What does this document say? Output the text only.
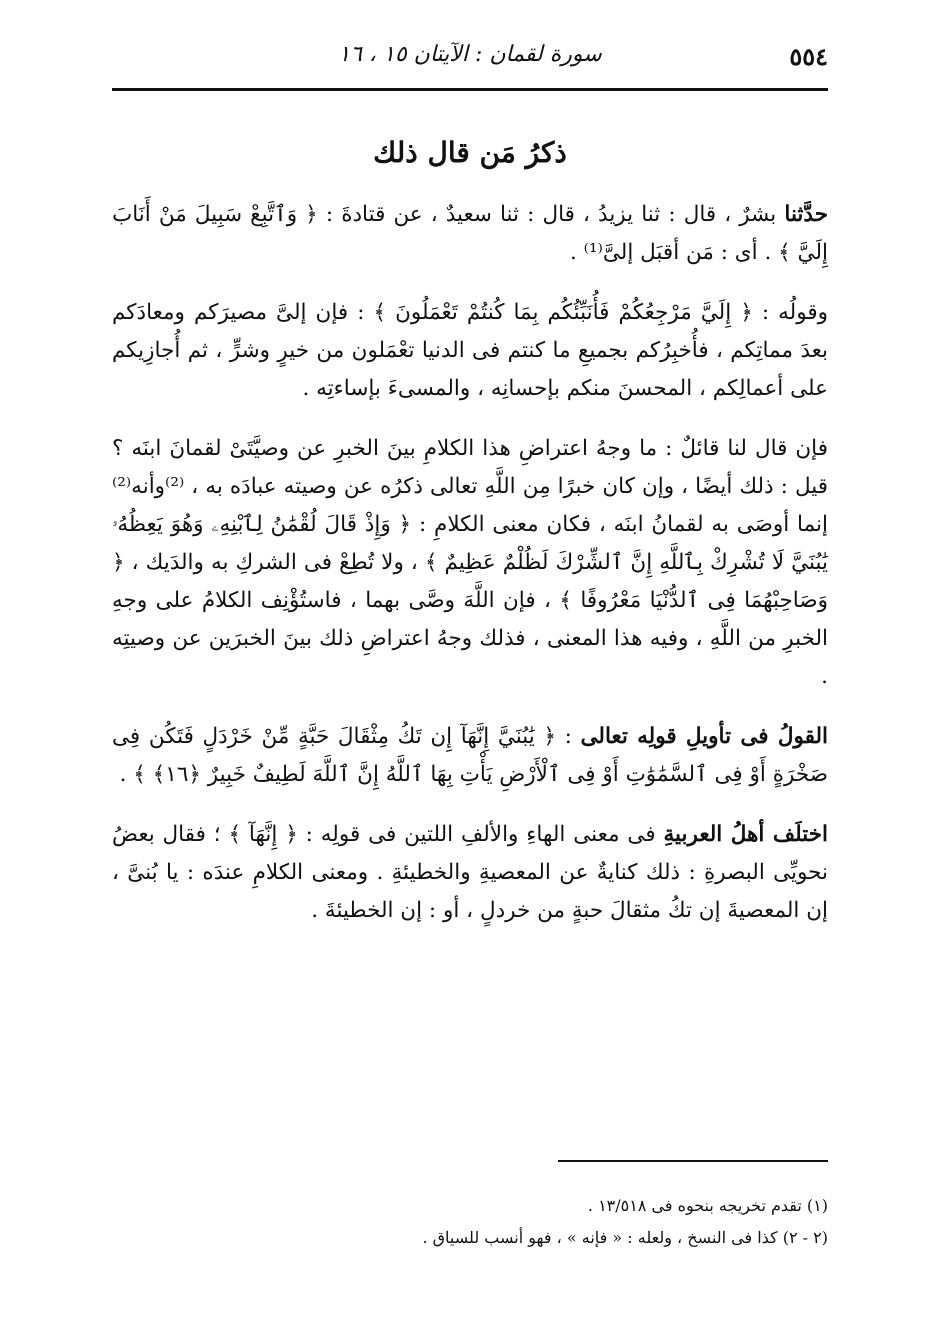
٥٥٤
سورة لقمان : الآيتان ١٥ ، ١٦
ذكرُ مَن قال ذلك

حدَّثنا بشرٌ ، قال : ثنا يزيدُ ، قال : ثنا سعيدٌ ، عن قتادةَ : ﴿ وَٱتَّبِعْ سَبِيلَ مَنْ أَنَابَ إِلَيَّ ﴾ . أى : مَن أقبَل إلىَّ⁽¹⁾ .

وقولُه : ﴿ إِلَيَّ مَرْجِعُكُمْ فَأُنَبِّئُكُم بِمَا كُنتُمْ تَعْمَلُونَ ﴾ : فإن إلىَّ مصيرَكم ومعادَكم بعدَ مماتِكم ، فأُخبِرُكم بجميعِ ما كنتم فى الدنيا تعْمَلون من خيرٍ وشرٍّ ، ثم أُجازِيكم على أعمالِكم ، المحسنَ منكم بإحسانِه ، والمسىءَ بإساءتِه .

فإن قال لنا قائلٌ : ما وجهُ اعتراضِ هذا الكلامِ بينَ الخبرِ عن وصيَّتَىْ لقمانَ ابنَه ؟ قيل : ذلك أيضًا ، وإن كان خبرًا مِن اللَّهِ تعالى ذكرُه عن وصيته عبادَه به ، ⁽²⁾وأنه⁽²⁾ إنما أوصَى به لقمانُ ابنَه ، فكان معنى الكلامِ : ﴿ وَإِذْ قَالَ لُقْمَٰنُ لِٱبْنِهِۦ وَهُوَ يَعِظُهُۥ يَٰبُنَيَّ لَا تُشْرِكْ بِٱللَّهِ إِنَّ ٱلشِّرْكَ لَظُلْمٌ عَظِيمٌ ﴾ ، ولا تُطِعْ فى الشركِ به والدَيك ، ﴿ وَصَاحِبْهُمَا فِى ٱلدُّنْيَا مَعْرُوفًا ﴾ ، فإن اللَّهَ وصَّى بهما ، فاستُؤْنِف الكلامُ على وجهِ الخبرِ من اللَّهِ ، وفيه هذا المعنى ، فذلك وجهُ اعتراضِ ذلك بينَ الخبرَين عن وصيتِه .

القولُ فى تأويلِ قولِه تعالى : ﴿ يَٰبُنَيَّ إِنَّهَآ إِن تَكُ مِثْقَالَ حَبَّةٍ مِّنْ خَرْدَلٍ فَتَكُن فِى صَخْرَةٍ أَوْ فِى ٱلسَّمَٰوَٰتِ أَوْ فِى ٱلْأَرْضِ يَأْتِ بِهَا ٱللَّهُ إِنَّ ٱللَّهَ لَطِيفٌ خَبِيرٌ ﴿١٦﴾ ﴾ .

اختلَف أهلُ العربيةِ فى معنى الهاءِ والألفِ اللتين فى قولِه : ﴿ إِنَّهَآ ﴾ ؛ فقال بعضُ نحويِّى البصرةِ : ذلك كنايةٌ عن المعصيةِ والخطيئةِ . ومعنى الكلامِ عندَه : يا بُنىَّ ، إن المعصيةَ إن تكُ مثقالَ حبةٍ من خردلٍ ، أو : إن الخطيئةَ .

(١) تقدم تخريجه بنحوه فى ١٣/٥١٨ .

(٢ - ٢) كذا فى النسخ ، ولعله : « فإنه » ، فهو أنسب للسياق .
